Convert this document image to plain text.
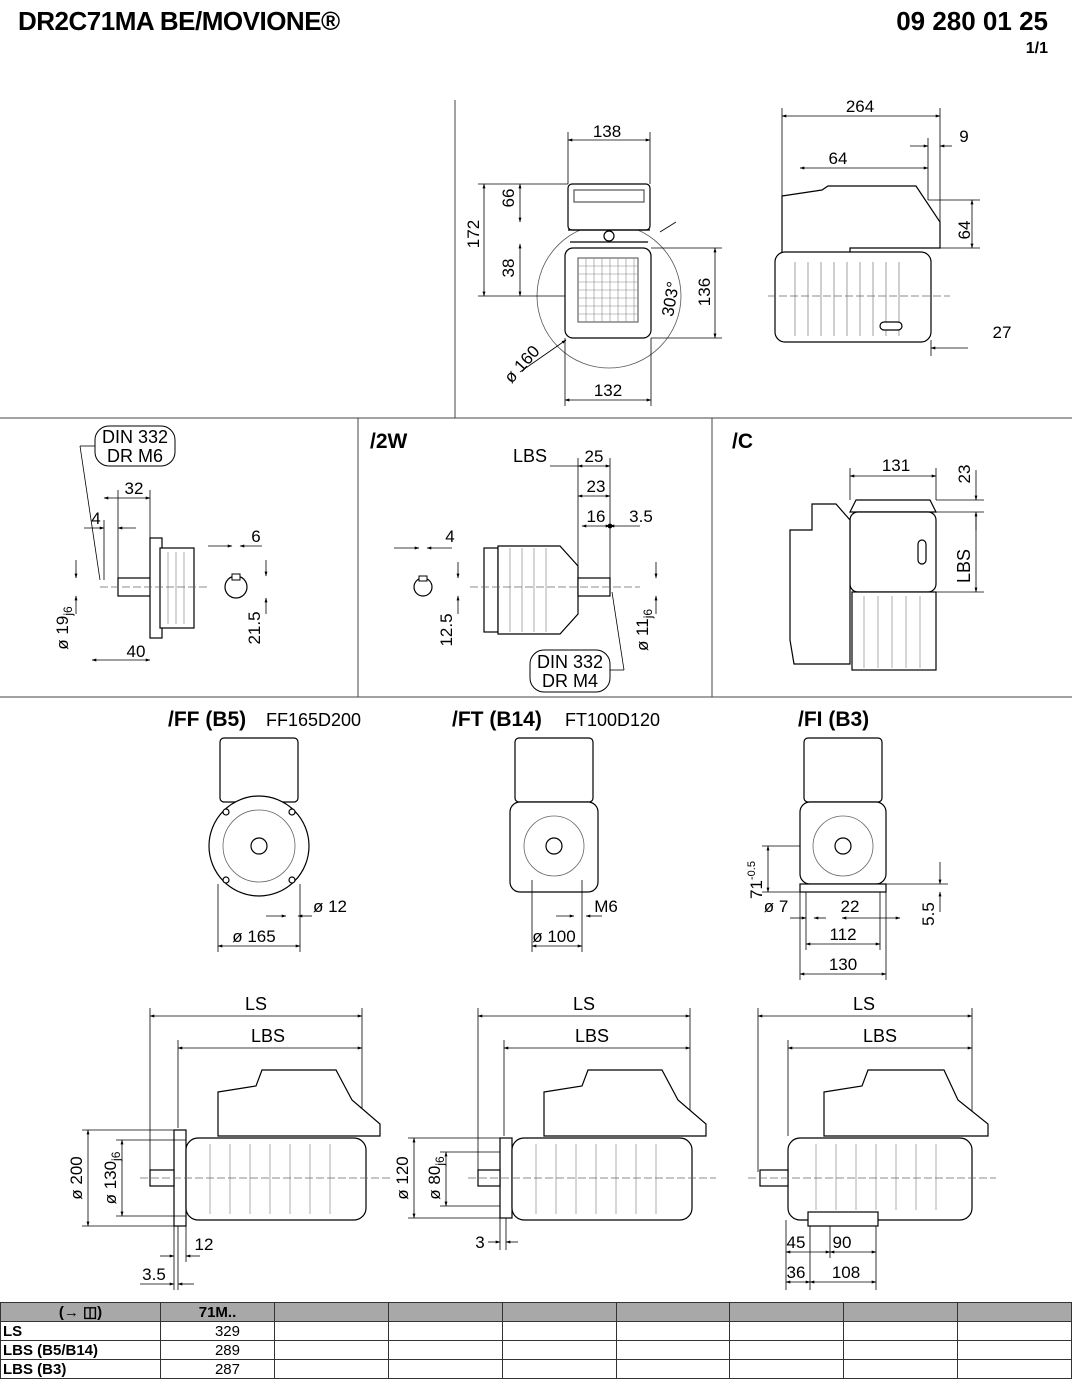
DR2C71MA BE/MOVIONE®	09 280 01 25
1/1
138
66
172
38
136
303°
ø 160
132
264
9
64
64
27
DIN 332
DR M6
32
4
6
ø $19_{j6}$
21.5
40
/2W
LBS 25
23
16 3.5
4
12.5	ø $11_{j6}$
DIN 332
DR M4
/C
131	23
LBS
/FF (B5) FF165D200
ø 12
ø 165
/FT (B14) FT100D120
M6
ø 100
/FI (B3)
$71^{-0.5}$
ø 7	22	5.5
112
130
LS
LBS
ø 200 ø $130_{j6}$
12
3.5
LS
LBS
ø 120 ø $80_{j6}$
3
LS
LBS
45 90
36 108
(→ ◫)	71M..							
LS	329							
LBS (B5/B14)	289							
LBS (B3)	287							
